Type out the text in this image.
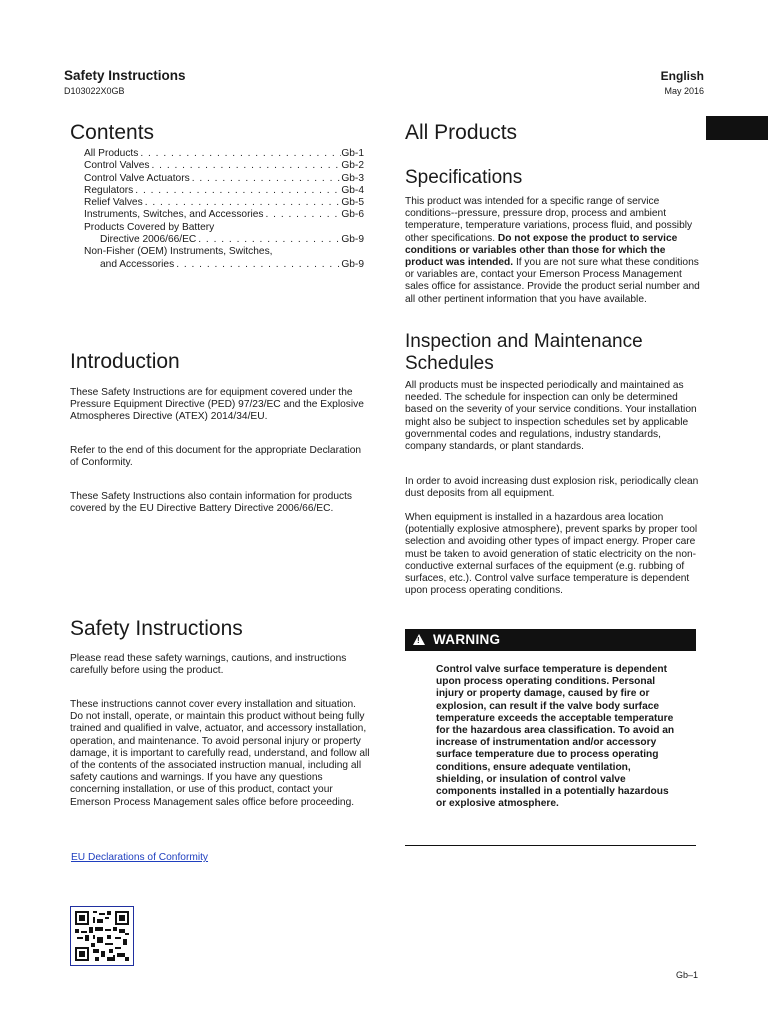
Safety Instructions
D103022X0GB
English
May 2016
Contents
All Products . . .	Gb-1
Control Valves . . .	Gb-2
Control Valve Actuators . . .	Gb-3
Regulators . . .	Gb-4
Relief Valves . . .	Gb-5
Instruments, Switches, and Accessories . . .	Gb-6
Products Covered by Battery
Directive 2006/66/EC . . .	Gb-9
Non-Fisher (OEM) Instruments, Switches,
and Accessories . . .	Gb-9
Introduction
These Safety Instructions are for equipment covered under the Pressure Equipment Directive (PED) 97/23/EC and the Explosive Atmospheres Directive (ATEX) 2014/34/EU.
Refer to the end of this document for the appropriate Declaration of Conformity.
These Safety Instructions also contain information for products covered by the EU Directive Battery Directive 2006/66/EC.
Safety Instructions
Please read these safety warnings, cautions, and instructions carefully before using the product.
These instructions cannot cover every installation and situation. Do not install, operate, or maintain this product without being fully trained and qualified in valve, actuator, and accessory installation, operation, and maintenance. To avoid personal injury or property damage, it is important to carefully read, understand, and follow all of the contents of the associated instruction manual, including all safety cautions and warnings. If you have any questions concerning installation, or use of this product, contact your Emerson Process Management sales office before proceeding.
EU Declarations of Conformity
All Products
Specifications
This product was intended for a specific range of service conditions--pressure, pressure drop, process and ambient temperature, temperature variations, process fluid, and possibly other specifications. Do not expose the product to service conditions or variables other than those for which the product was intended. If you are not sure what these conditions or variables are, contact your Emerson Process Management sales office for assistance. Provide the product serial number and all other pertinent information that you have available.
Inspection and Maintenance
Schedules
All products must be inspected periodically and maintained as needed. The schedule for inspection can only be determined based on the severity of your service conditions. Your installation might also be subject to inspection schedules set by applicable governmental codes and regulations, industry standards, company standards, or plant standards.
In order to avoid increasing dust explosion risk, periodically clean dust deposits from all equipment.
When equipment is installed in a hazardous area location (potentially explosive atmosphere), prevent sparks by proper tool selection and avoiding other types of impact energy. Proper care must be taken to avoid generation of static electricity on the non-conductive external surfaces of the equipment (e.g. rubbing of surfaces, etc.). Control valve surface temperature is dependent upon process operating conditions.
! WARNING
Control valve surface temperature is dependent upon process operating conditions. Personal injury or property damage, caused by fire or explosion, can result if the valve body surface temperature exceeds the acceptable temperature for the hazardous area classification. To avoid an increase of instrumentation and/or accessory surface temperature due to process operating conditions, ensure adequate ventilation, shielding, or insulation of control valve components installed in a potentially hazardous or explosive atmosphere.
Gb–1
